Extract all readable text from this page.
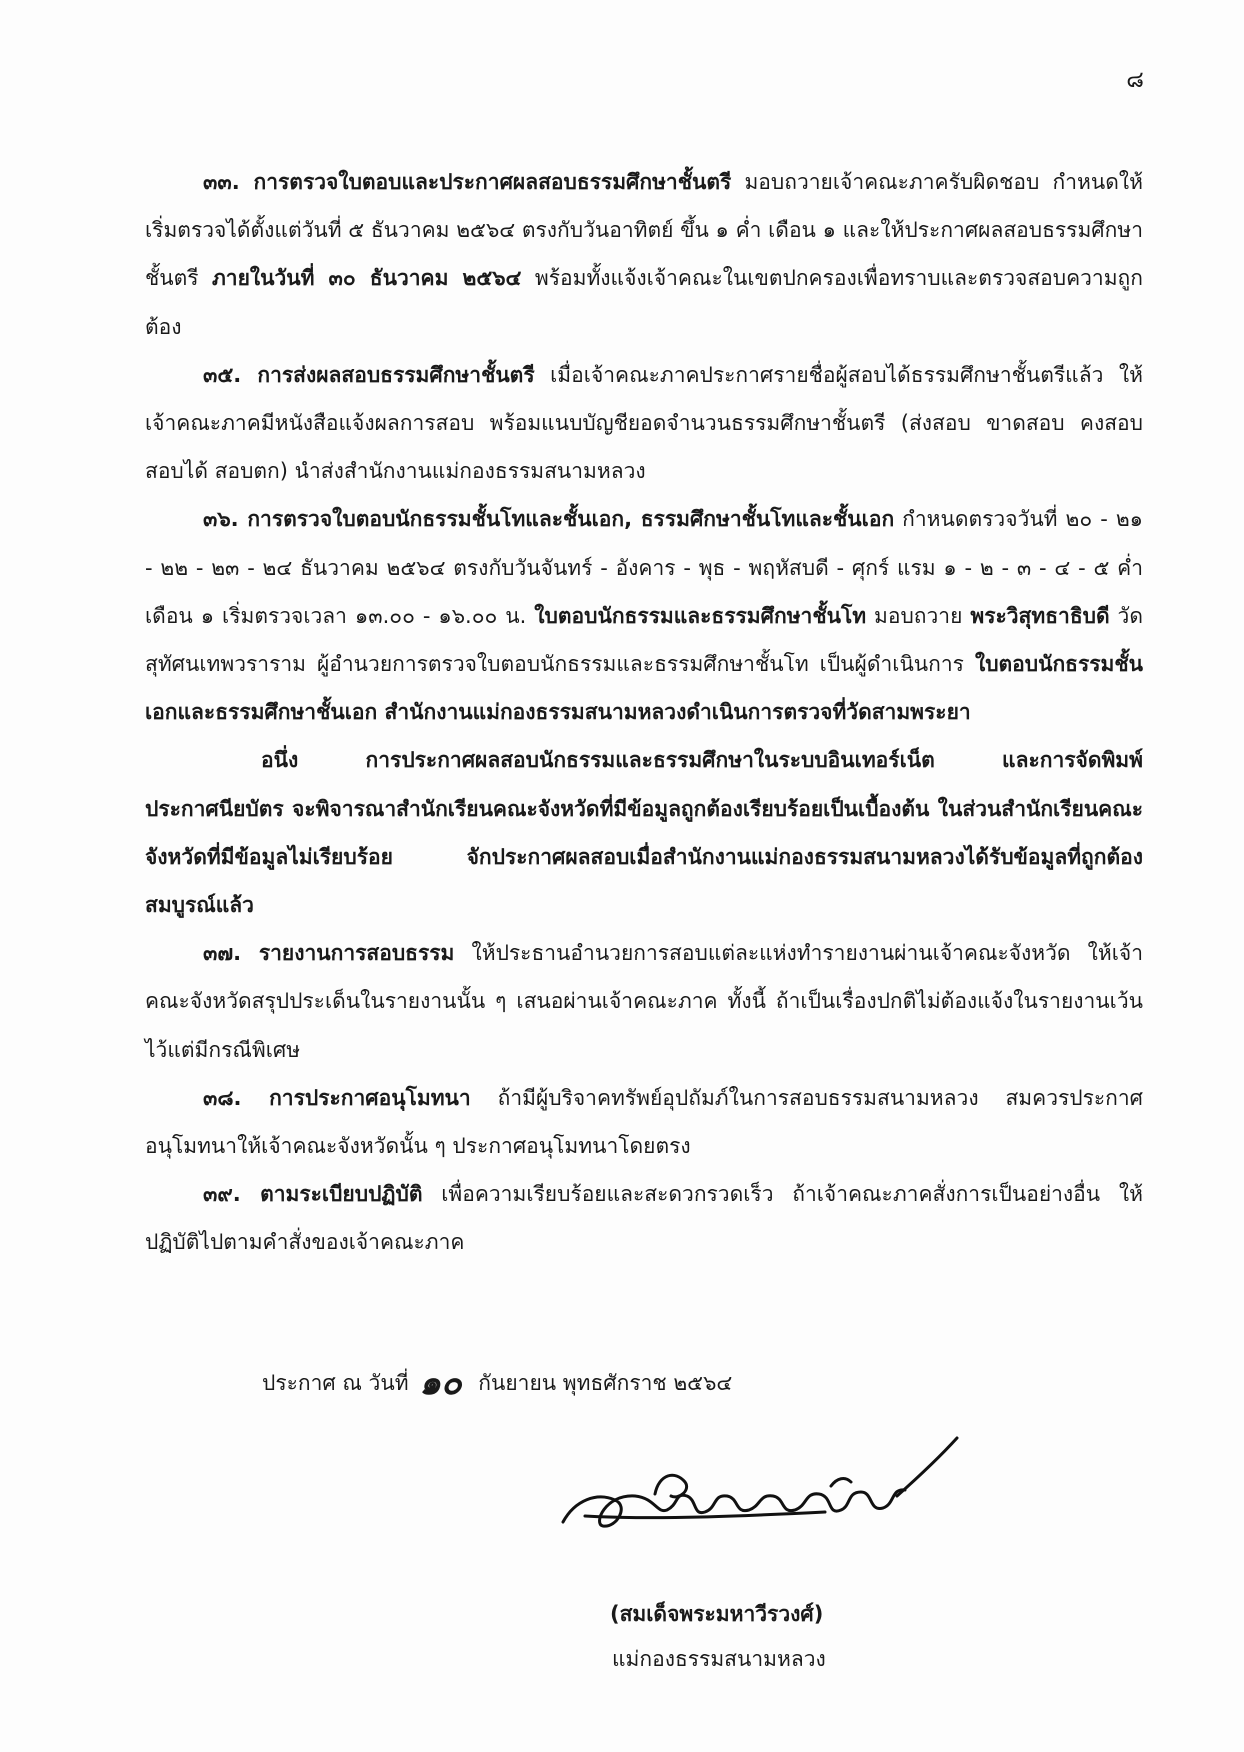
๘

๓๓. การตรวจใบตอบและประกาศผลสอบธรรมศึกษาชั้นตรี มอบถวายเจ้าคณะภาครับผิดชอบ กำหนดให้เริ่มตรวจได้ตั้งแต่วันที่ ๕ ธันวาคม ๒๕๖๔ ตรงกับวันอาทิตย์ ขึ้น ๑ ค่ำ เดือน ๑ และให้ประกาศผลสอบธรรมศึกษาชั้นตรี ภายในวันที่ ๓๐ ธันวาคม ๒๕๖๔ พร้อมทั้งแจ้งเจ้าคณะในเขตปกครองเพื่อทราบและตรวจสอบความถูกต้อง

๓๕. การส่งผลสอบธรรมศึกษาชั้นตรี เมื่อเจ้าคณะภาคประกาศรายชื่อผู้สอบได้ธรรมศึกษาชั้นตรีแล้ว ให้เจ้าคณะภาคมีหนังสือแจ้งผลการสอบ พร้อมแนบบัญชียอดจำนวนธรรมศึกษาชั้นตรี (ส่งสอบ ขาดสอบ คงสอบ สอบได้ สอบตก) นำส่งสำนักงานแม่กองธรรมสนามหลวง

๓๖. การตรวจใบตอบนักธรรมชั้นโทและชั้นเอก, ธรรมศึกษาชั้นโทและชั้นเอก กำหนดตรวจวันที่ ๒๐ - ๒๑ - ๒๒ - ๒๓ - ๒๔ ธันวาคม ๒๕๖๔ ตรงกับวันจันทร์ - อังคาร - พุธ - พฤหัสบดี - ศุกร์ แรม ๑ - ๒ - ๓ - ๔ - ๕ ค่ำ เดือน ๑ เริ่มตรวจเวลา ๑๓.๐๐ - ๑๖.๐๐ น. ใบตอบนักธรรมและธรรมศึกษาชั้นโท มอบถวาย พระวิสุทธาธิบดี วัดสุทัศนเทพวราราม ผู้อำนวยการตรวจใบตอบนักธรรมและธรรมศึกษาชั้นโท เป็นผู้ดำเนินการ ใบตอบนักธรรมชั้นเอกและธรรมศึกษาชั้นเอก สำนักงานแม่กองธรรมสนามหลวงดำเนินการตรวจที่วัดสามพระยา

อนึ่ง การประกาศผลสอบนักธรรมและธรรมศึกษาในระบบอินเทอร์เน็ต และการจัดพิมพ์ประกาศนียบัตร จะพิจารณาสำนักเรียนคณะจังหวัดที่มีข้อมูลถูกต้องเรียบร้อยเป็นเบื้องต้น ในส่วนสำนักเรียนคณะจังหวัดที่มีข้อมูลไม่เรียบร้อย จักประกาศผลสอบเมื่อสำนักงานแม่กองธรรมสนามหลวงได้รับข้อมูลที่ถูกต้องสมบูรณ์แล้ว

๓๗. รายงานการสอบธรรม ให้ประธานอำนวยการสอบแต่ละแห่งทำรายงานผ่านเจ้าคณะจังหวัด ให้เจ้าคณะจังหวัดสรุปประเด็นในรายงานนั้น ๆ เสนอผ่านเจ้าคณะภาค ทั้งนี้ ถ้าเป็นเรื่องปกติไม่ต้องแจ้งในรายงานเว้นไว้แต่มีกรณีพิเศษ

๓๘. การประกาศอนุโมทนา ถ้ามีผู้บริจาคทรัพย์อุปถัมภ์ในการสอบธรรมสนามหลวง สมควรประกาศอนุโมทนาให้เจ้าคณะจังหวัดนั้น ๆ ประกาศอนุโมทนาโดยตรง

๓๙. ตามระเบียบปฏิบัติ เพื่อความเรียบร้อยและสะดวกรวดเร็ว ถ้าเจ้าคณะภาคสั่งการเป็นอย่างอื่น ให้ปฏิบัติไปตามคำสั่งของเจ้าคณะภาค

ประกาศ ณ วันที่ ๑๐ กันยายน พุทธศักราช ๒๕๖๔
(สมเด็จพระมหาวีรวงศ์)
แม่กองธรรมสนามหลวง
